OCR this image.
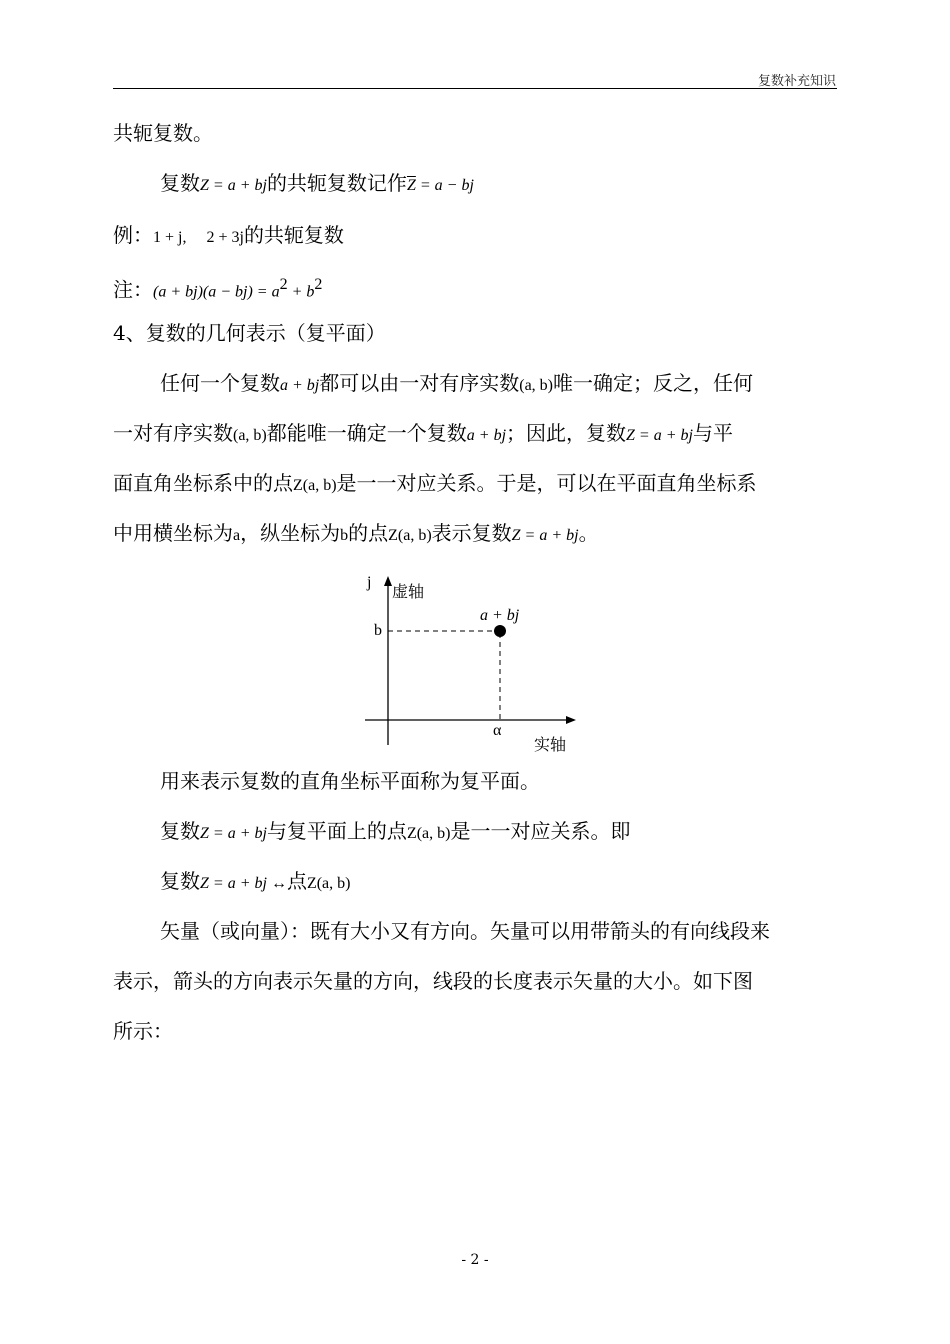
复数补充知识
共轭复数。
复数Z = a + bj的共轭复数记作$\overline{Z} = a$ − bj
例：1 + j,     2 + 3j的共轭复数
注：$(a + bj)(a - bj) = a^2 + b^2$
4、复数的几何表示（复平面）
任何一个复数a + bj都可以由一对有序实数(a, b)唯一确定；反之，任何
一对有序实数(a, b)都能唯一确定一个复数a + bj；因此，复数Z = a + bj与平
面直角坐标系中的点Z(a, b)是一一对应关系。于是，可以在平面直角坐标系
中用横坐标为a，纵坐标为b的点Z(a, b)表示复数Z = a + bj。
j 虚轴
a + bj
b
α
实轴
用来表示复数的直角坐标平面称为复平面。
复数Z = a + bj与复平面上的点Z(a, b)是一一对应关系。即
复数Z = a + bj ↔点Z(a, b)
矢量（或向量）：既有大小又有方向。矢量可以用带箭头的有向线段来
表示，箭头的方向表示矢量的方向，线段的长度表示矢量的大小。如下图
所示：
- 2 -
